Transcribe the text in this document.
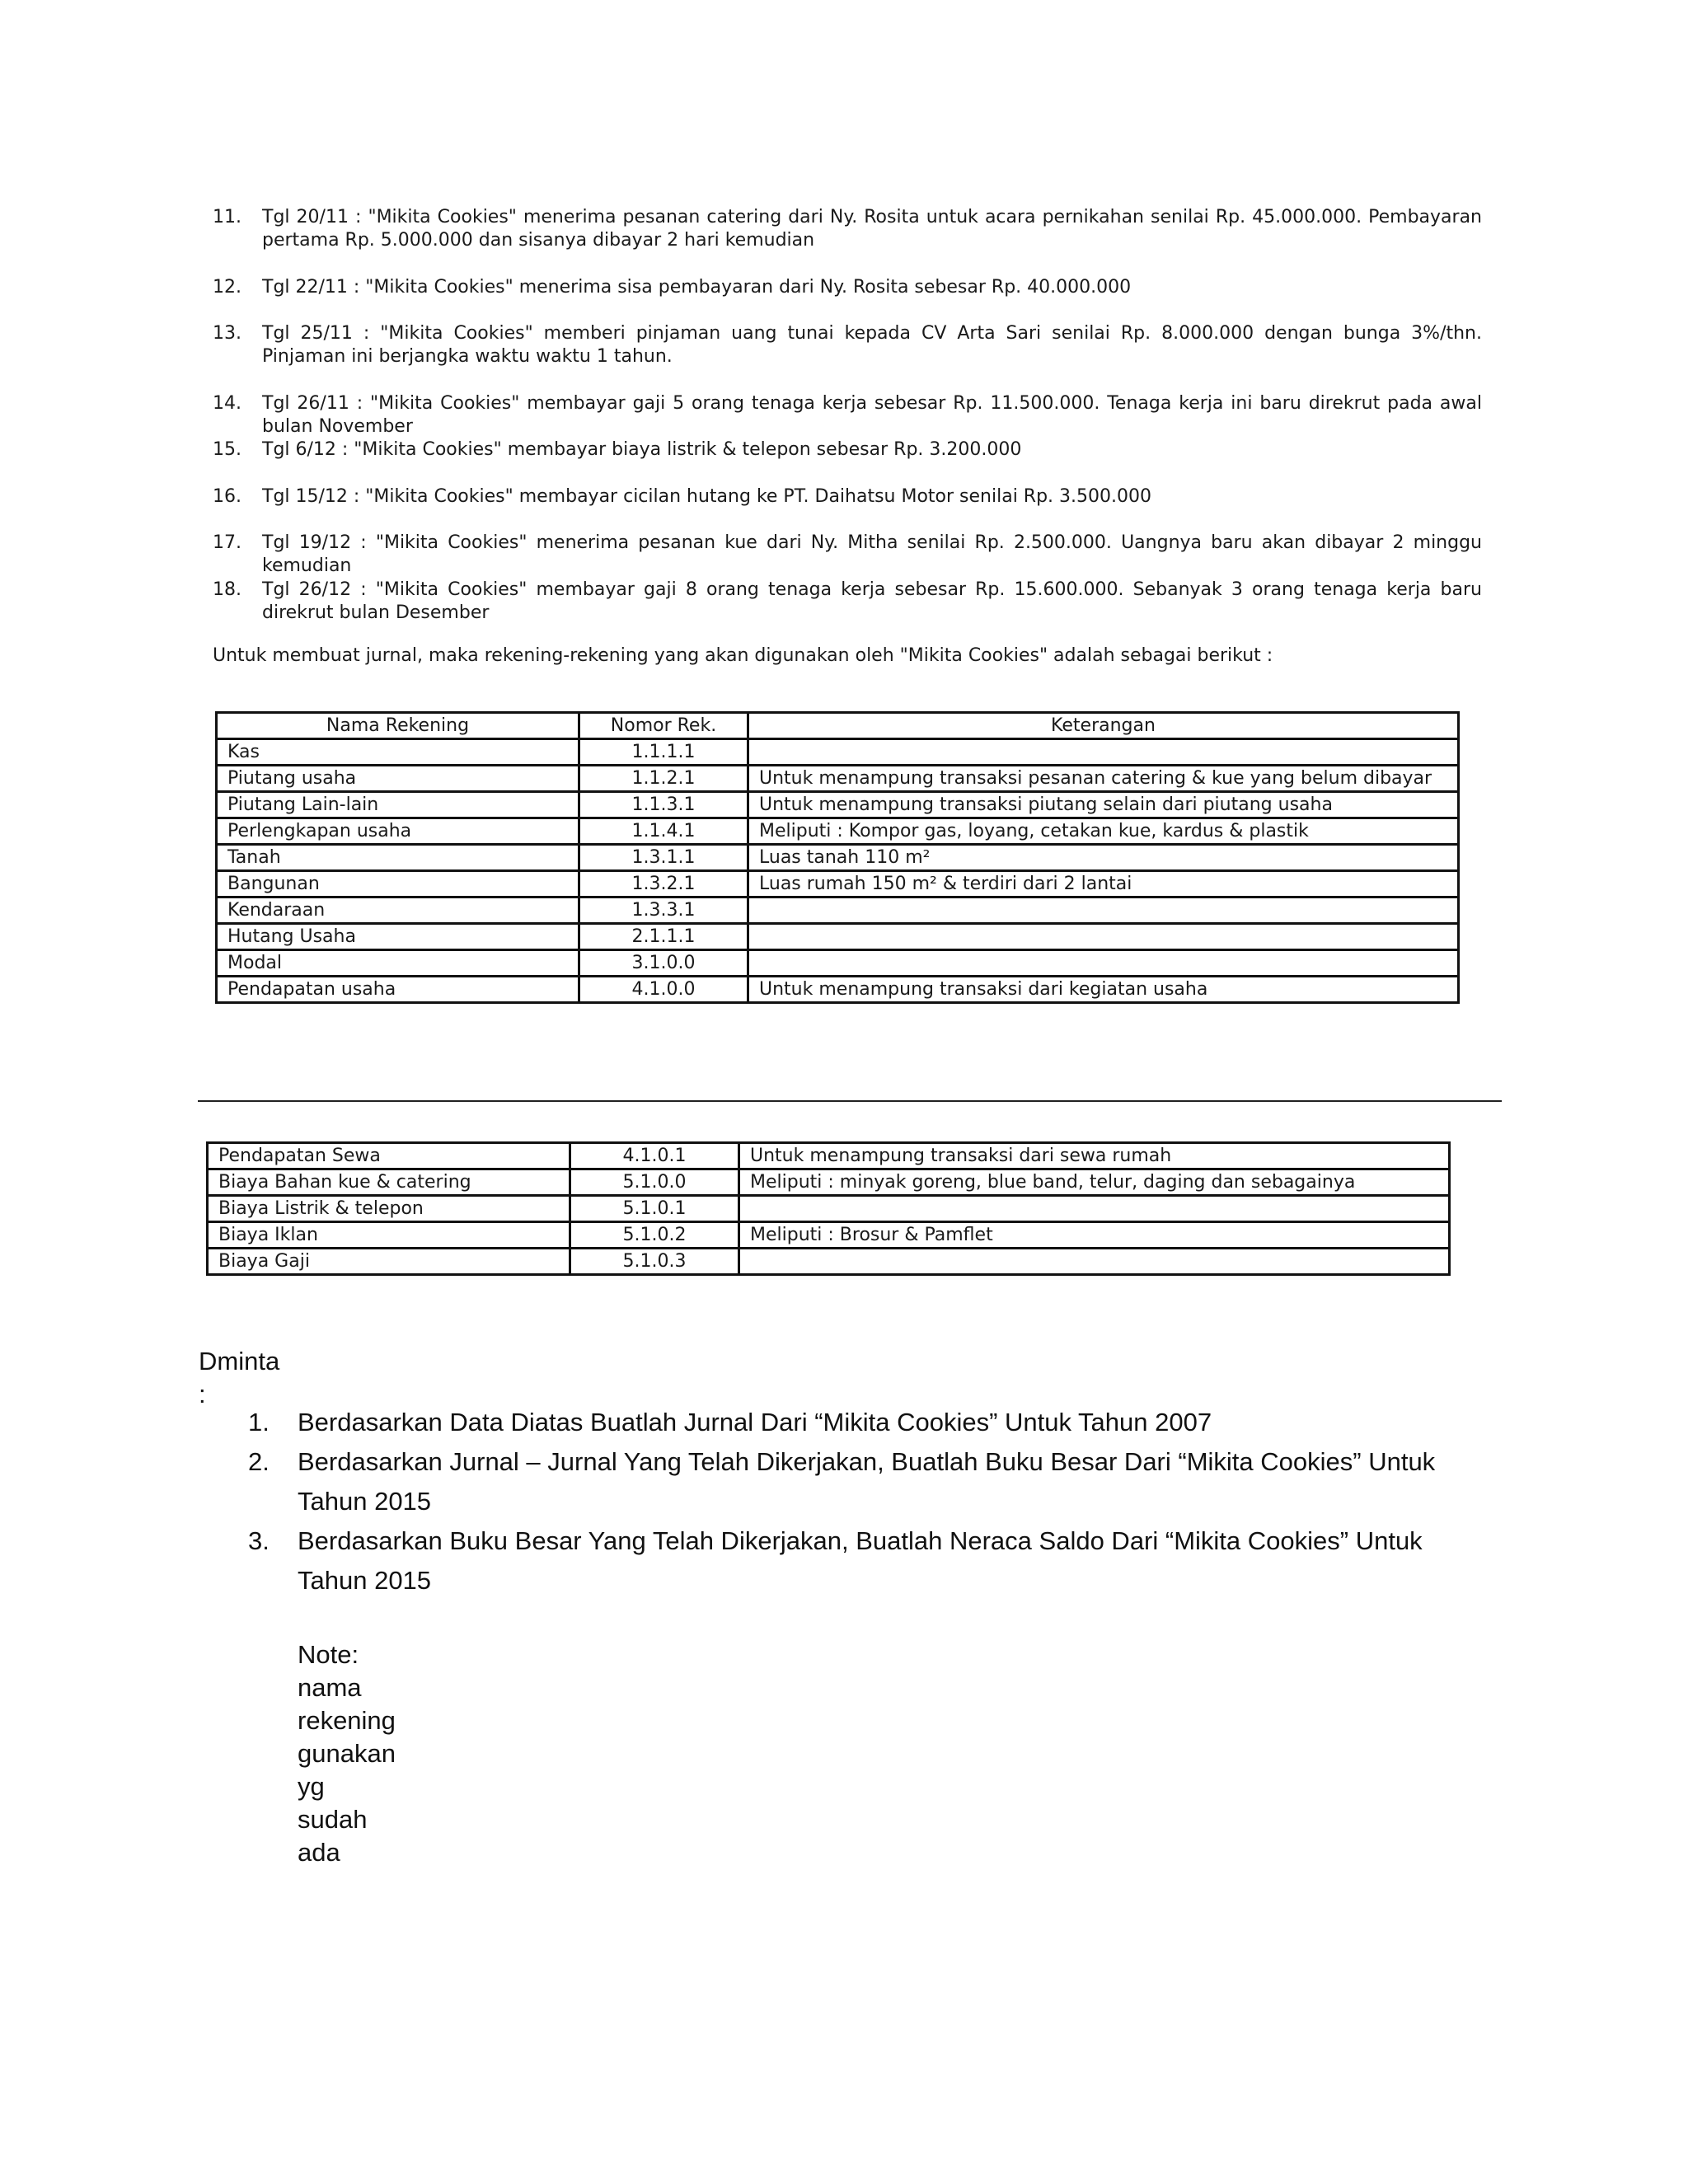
11.	Tgl 20/11 : "Mikita Cookies" menerima pesanan catering dari Ny. Rosita untuk acara pernikahan senilai Rp. 45.000.000. Pembayaran pertama Rp. 5.000.000 dan sisanya dibayar 2 hari kemudian
12.	Tgl 22/11 : "Mikita Cookies" menerima sisa pembayaran dari Ny. Rosita sebesar Rp. 40.000.000
13.	Tgl 25/11 : "Mikita Cookies" memberi pinjaman uang tunai kepada CV Arta Sari senilai Rp. 8.000.000 dengan bunga 3%/thn. Pinjaman ini berjangka waktu waktu 1 tahun.
14.	Tgl 26/11 : "Mikita Cookies" membayar gaji 5 orang tenaga kerja sebesar Rp. 11.500.000. Tenaga kerja ini baru direkrut pada awal bulan November
15.	Tgl 6/12 : "Mikita Cookies" membayar biaya listrik & telepon sebesar Rp. 3.200.000
16.	Tgl 15/12 : "Mikita Cookies" membayar cicilan hutang ke PT. Daihatsu Motor senilai Rp. 3.500.000
17.	Tgl 19/12 : "Mikita Cookies" menerima pesanan kue dari Ny. Mitha senilai Rp. 2.500.000. Uangnya baru akan dibayar 2 minggu kemudian
18.	Tgl 26/12 : "Mikita Cookies" membayar gaji 8 orang tenaga kerja sebesar Rp. 15.600.000. Sebanyak 3 orang tenaga kerja baru direkrut bulan Desember
Untuk membuat jurnal, maka rekening-rekening yang akan digunakan oleh "Mikita Cookies" adalah sebagai berikut :
Nama Rekening	Nomor Rek.	Keterangan
Kas	1.1.1.1	
Piutang usaha	1.1.2.1	Untuk menampung transaksi pesanan catering & kue yang belum dibayar
Piutang Lain-lain	1.1.3.1	Untuk menampung transaksi piutang selain dari piutang usaha
Perlengkapan usaha	1.1.4.1	Meliputi : Kompor gas, loyang, cetakan kue, kardus & plastik
Tanah	1.3.1.1	Luas tanah 110 m²
Bangunan	1.3.2.1	Luas rumah 150 m² & terdiri dari 2 lantai
Kendaraan	1.3.3.1	
Hutang Usaha	2.1.1.1	
Modal	3.1.0.0	
Pendapatan usaha	4.1.0.0	Untuk menampung transaksi dari kegiatan usaha
Pendapatan Sewa	4.1.0.1	Untuk menampung transaksi dari sewa rumah
Biaya Bahan kue & catering	5.1.0.0	Meliputi : minyak goreng, blue band, telur, daging dan sebagainya
Biaya Listrik & telepon	5.1.0.1	
Biaya Iklan	5.1.0.2	Meliputi : Brosur & Pamflet
Biaya Gaji	5.1.0.3	
Dminta :
1. Berdasarkan Data Diatas Buatlah Jurnal Dari “Mikita Cookies” Untuk Tahun 2007
2. Berdasarkan Jurnal – Jurnal Yang Telah Dikerjakan, Buatlah Buku Besar Dari “Mikita Cookies” Untuk Tahun 2015
3. Berdasarkan Buku Besar Yang Telah Dikerjakan, Buatlah Neraca Saldo Dari “Mikita Cookies” Untuk Tahun 2015
Note: nama rekening gunakan yg sudah ada
